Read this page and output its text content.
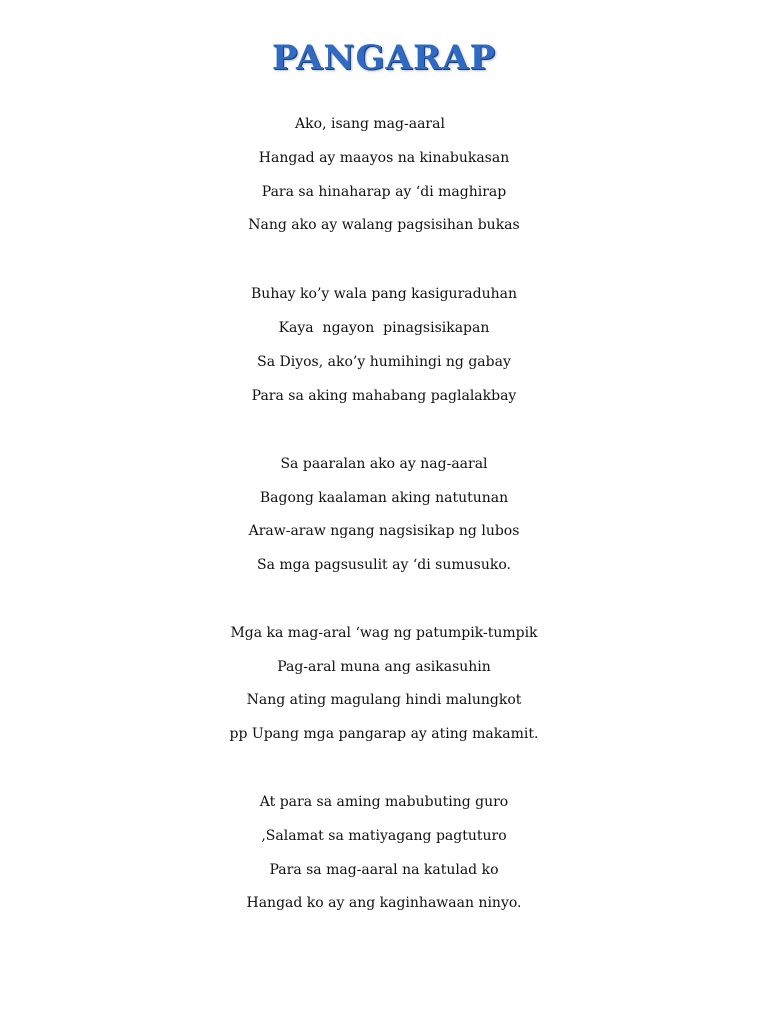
PANGARAP
Ako, isang mag-aaral
Hangad ay maayos na kinabukasan
Para sa hinaharap ay ‘di maghirap
Nang ako ay walang pagsisihan bukas
Buhay ko’y wala pang kasiguraduhan
Kaya  ngayon  pinagsisikapan
Sa Diyos, ako’y humihingi ng gabay
Para sa aking mahabang paglalakbay
Sa paaralan ako ay nag-aaral
Bagong kaalaman aking natutunan
Araw-araw ngang nagsisikap ng lubos
Sa mga pagsusulit ay ‘di sumusuko.
Mga ka mag-aral ‘wag ng patumpik-tumpik
Pag-aral muna ang asikasuhin
Nang ating magulang hindi malungkot
pp Upang mga pangarap ay ating makamit.
At para sa aming mabubuting guro
,Salamat sa matiyagang pagtuturo
Para sa mag-aaral na katulad ko
Hangad ko ay ang kaginhawaan ninyo.
